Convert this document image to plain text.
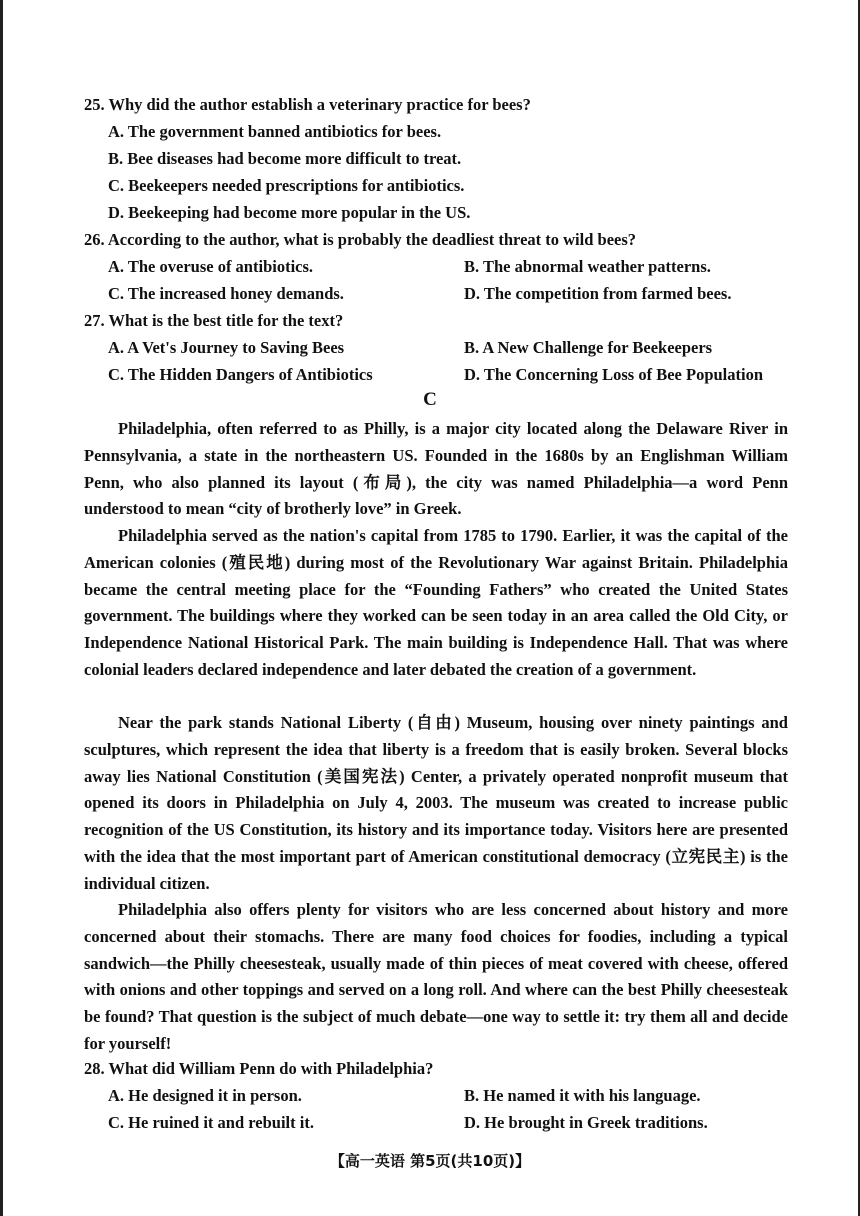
25. Why did the author establish a veterinary practice for bees?
A. The government banned antibiotics for bees.
B. Bee diseases had become more difficult to treat.
C. Beekeepers needed prescriptions for antibiotics.
D. Beekeeping had become more popular in the US.
26. According to the author, what is probably the deadliest threat to wild bees?
A. The overuse of antibiotics.	B. The abnormal weather patterns.
C. The increased honey demands.	D. The competition from farmed bees.
27. What is the best title for the text?
A. A Vet's Journey to Saving Bees	B. A New Challenge for Beekeepers
C. The Hidden Dangers of Antibiotics	D. The Concerning Loss of Bee Population
C
Philadelphia, often referred to as Philly, is a major city located along the Delaware River in Pennsylvania, a state in the northeastern US. Founded in the 1680s by an Englishman William Penn, who also planned its layout (布局), the city was named Philadelphia—a word Penn understood to mean “city of brotherly love” in Greek.
Philadelphia served as the nation's capital from 1785 to 1790. Earlier, it was the capital of the American colonies (殖民地) during most of the Revolutionary War against Britain. Philadelphia became the central meeting place for the “Founding Fathers” who created the United States government. The buildings where they worked can be seen today in an area called the Old City, or Independence National Historical Park. The main building is Independence Hall. That was where colonial leaders declared independence and later debated the creation of a government.
Near the park stands National Liberty (自由) Museum, housing over ninety paintings and sculptures, which represent the idea that liberty is a freedom that is easily broken. Several blocks away lies National Constitution (美国宪法) Center, a privately operated nonprofit museum that opened its doors in Philadelphia on July 4, 2003. The museum was created to increase public recognition of the US Constitution, its history and its importance today. Visitors here are presented with the idea that the most important part of American constitutional democracy (立宪民主) is the individual citizen.
Philadelphia also offers plenty for visitors who are less concerned about history and more concerned about their stomachs. There are many food choices for foodies, including a typical sandwich—the Philly cheesesteak, usually made of thin pieces of meat covered with cheese, offered with onions and other toppings and served on a long roll. And where can the best Philly cheesesteak be found? That question is the subject of much debate—one way to settle it: try them all and decide for yourself!
28. What did William Penn do with Philadelphia?
A. He designed it in person.	B. He named it with his language.
C. He ruined it and rebuilt it.	D. He brought in Greek traditions.
【高一英语 第5页(共10页)】
